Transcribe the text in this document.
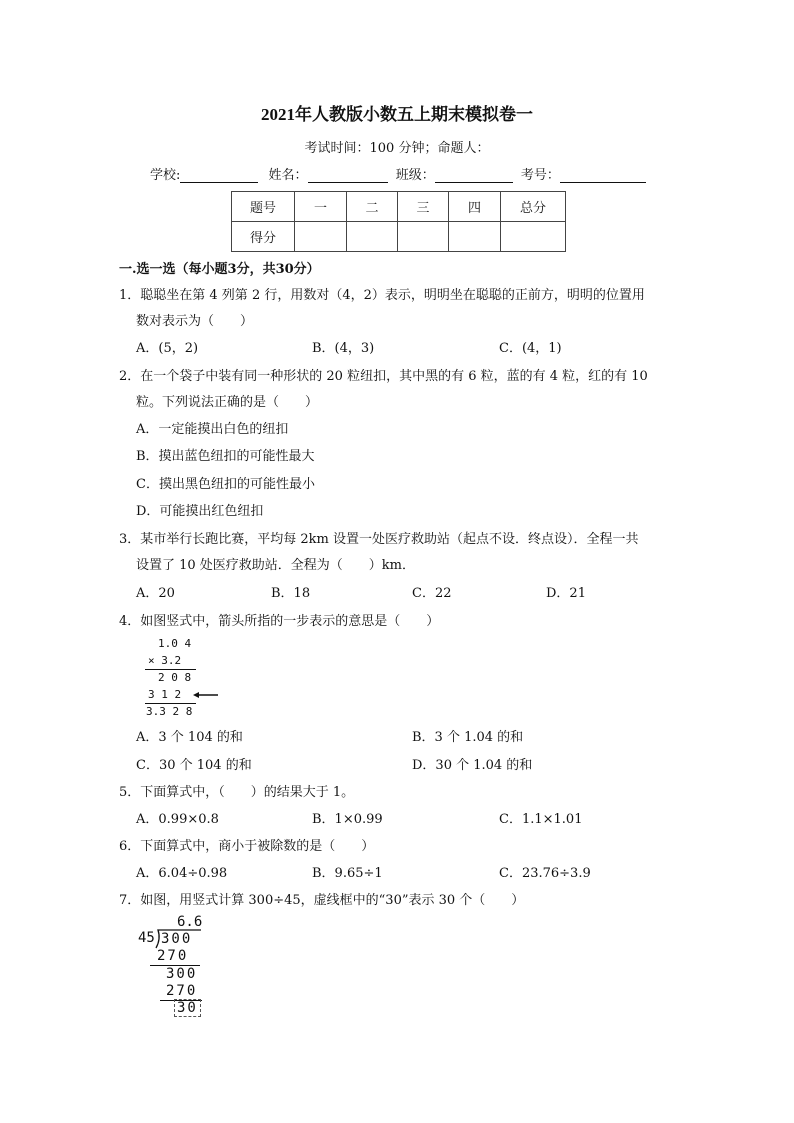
2021年人教版小数五上期末模拟卷一
考试时间：100 分钟；命题人：
学校:	姓名：	班级：	考号：
题号	一	二	三	四	总分
得分					
一.选一选（每小题3分，共30分）
1．聪聪坐在第 4 列第 2 行，用数对（4，2）表示，明明坐在聪聪的正前方，明明的位置用
数对表示为（　　）
A．(5，2)	B．(4，3)	C．(4，1)
2．在一个袋子中装有同一种形状的 20 粒纽扣，其中黑的有 6 粒，蓝的有 4 粒，红的有 10
粒。下列说法正确的是（　　）
A．一定能摸出白色的纽扣
B．摸出蓝色纽扣的可能性最大
C．摸出黑色纽扣的可能性最小
D．可能摸出红色纽扣
3．某市举行长跑比赛，平均每 2km 设置一处医疗救助站（起点不设．终点设）．全程一共
设置了 10 处医疗救助站．全程为（　　）km．
A．20	B．18	C．22	D．21
4．如图竖式中，箭头所指的一步表示的意思是（　　）
1.0 4
× 3.2
2 0 8
3 1 2
3.3 2 8
A．3 个 104 的和	B．3 个 1.04 的和
C．30 个 104 的和	D．30 个 1.04 的和
5．下面算式中，（　　）的结果大于 1。
A．0.99×0.8	B．1×0.99	C．1.1×1.01
6．下面算式中，商小于被除数的是（　　）
A．6.04÷0.98	B．9.65÷1	C．23.76÷3.9
7．如图，用竖式计算 300÷45，虚线框中的“30”表示 30 个（　　）
6.6
45 300
270
300
270
30
